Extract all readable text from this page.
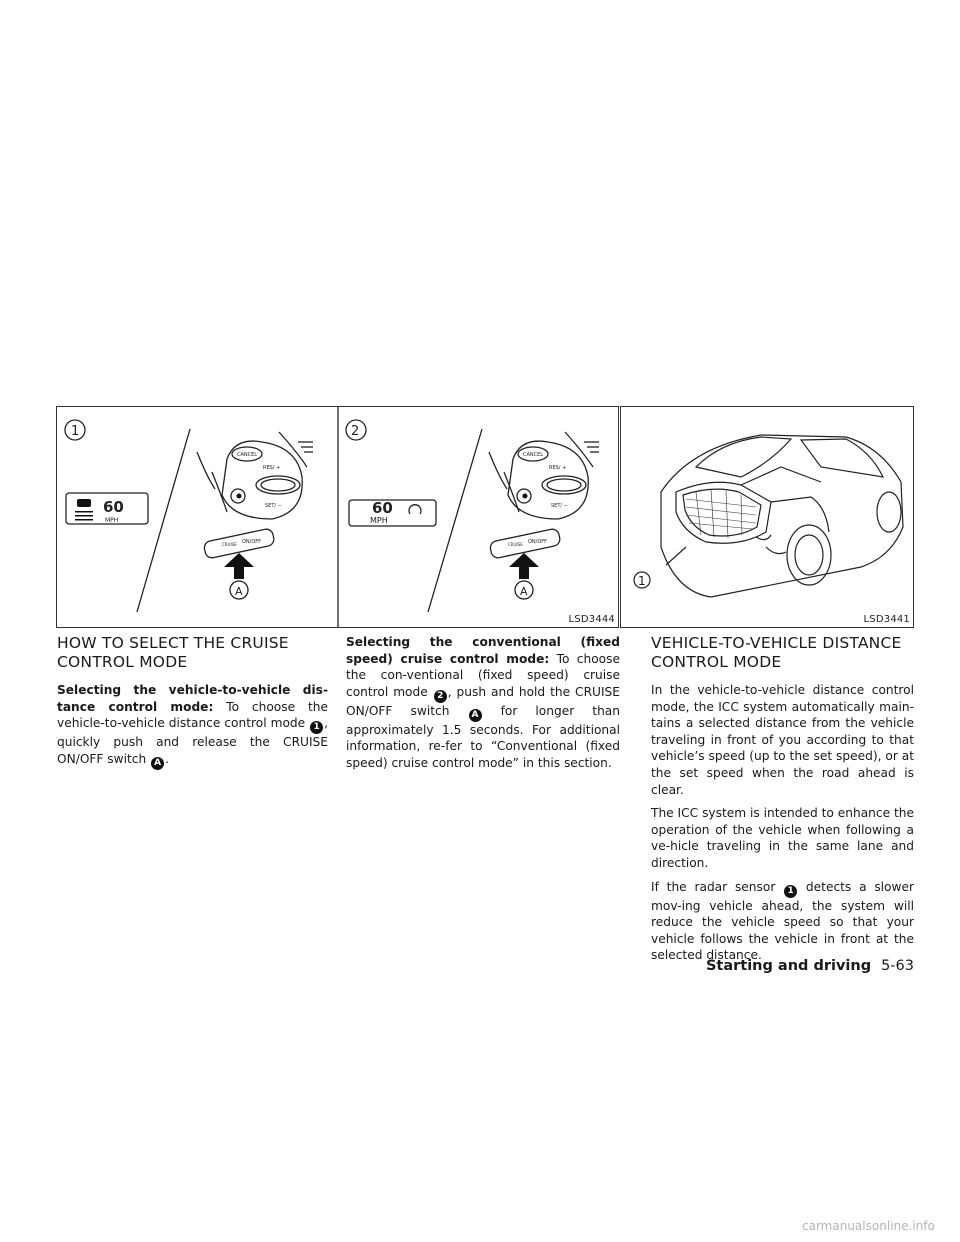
1
60
MPH
CANCEL
RES/ +
SET/ −
CRUISE ON/OFF
A
2
60
MPH
CANCEL
RES/ +
SET/ −
CRUISE ON/OFF
A
LSD3444
1
LSD3441
HOW TO SELECT THE CRUISE CONTROL MODE

Selecting the vehicle-to-vehicle dis-tance control mode: To choose the vehicle-to-vehicle distance control mode 1 , quickly push and release the CRUISE ON/OFF switch A .

Selecting the conventional (fixed speed) cruise control mode: To choose the con-ventional (fixed speed) cruise control mode 2 , push and hold the CRUISE ON/OFF switch A for longer than approximately 1.5 seconds. For additional information, re-fer to “Conventional (fixed speed) cruise control mode” in this section.

VEHICLE-TO-VEHICLE DISTANCE CONTROL MODE

In the vehicle-to-vehicle distance control mode, the ICC system automatically main-tains a selected distance from the vehicle traveling in front of you according to that vehicle’s speed (up to the set speed), or at the set speed when the road ahead is clear.

The ICC system is intended to enhance the operation of the vehicle when following a ve-hicle traveling in the same lane and direction.

If the radar sensor 1 detects a slower mov-ing vehicle ahead, the system will reduce the vehicle speed so that your vehicle follows the vehicle in front at the selected distance.

Starting and driving 5-63
carmanualsonline.info
